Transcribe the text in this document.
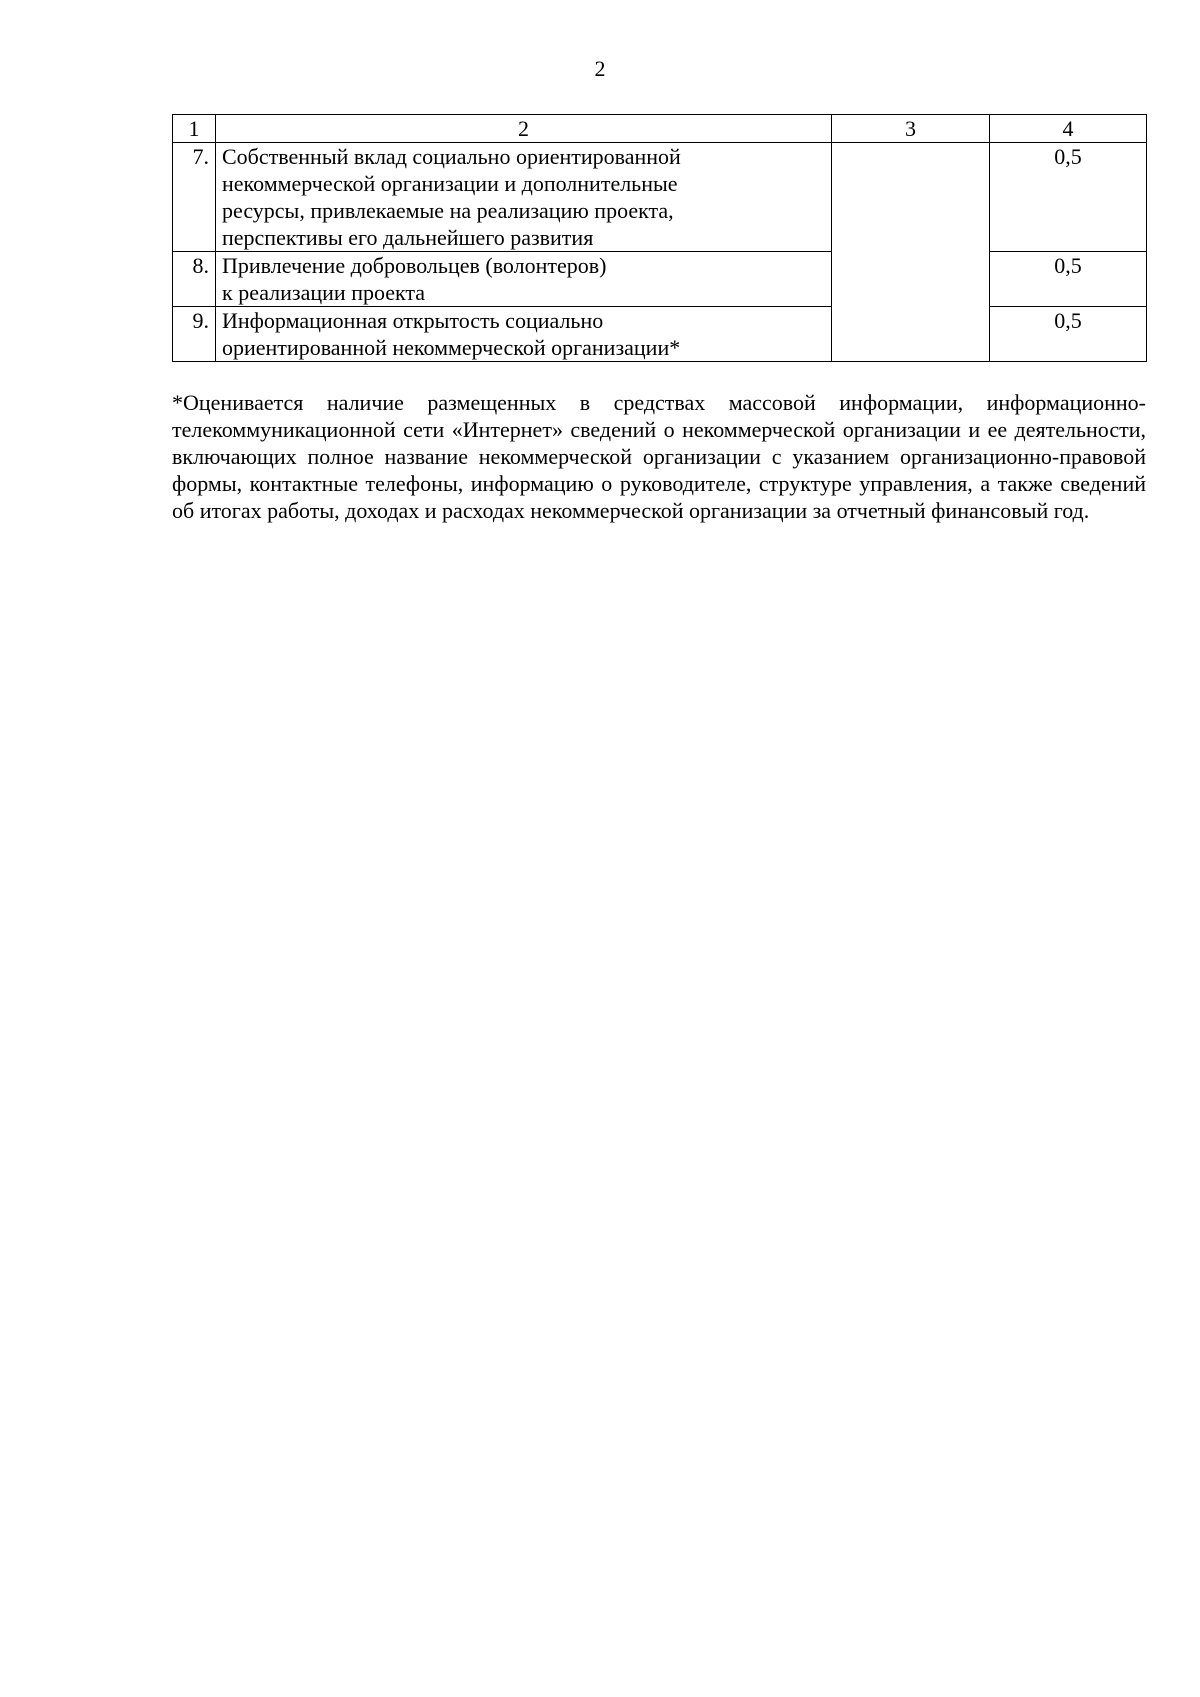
2
1	2	3	4
7.	Собственный вклад социально ориентированной
некоммерческой организации и дополнительные
ресурсы, привлекаемые на реализацию проекта,
перспективы его дальнейшего развития		0,5
8.	Привлечение добровольцев (волонтеров)
к реализации проекта		0,5
9.	Информационная открытость социально
ориентированной некоммерческой организации*		0,5

*Оценивается наличие размещенных в средствах массовой информации, информационно-телекоммуникационной сети «Интернет» сведений о некоммерческой организации и ее деятельности, включающих полное название некоммерческой организации с указанием организационно-правовой формы, контактные телефоны, информацию о руководителе, структуре управления, а также сведений об итогах работы, доходах и расходах некоммерческой организации за отчетный финансовый год.
